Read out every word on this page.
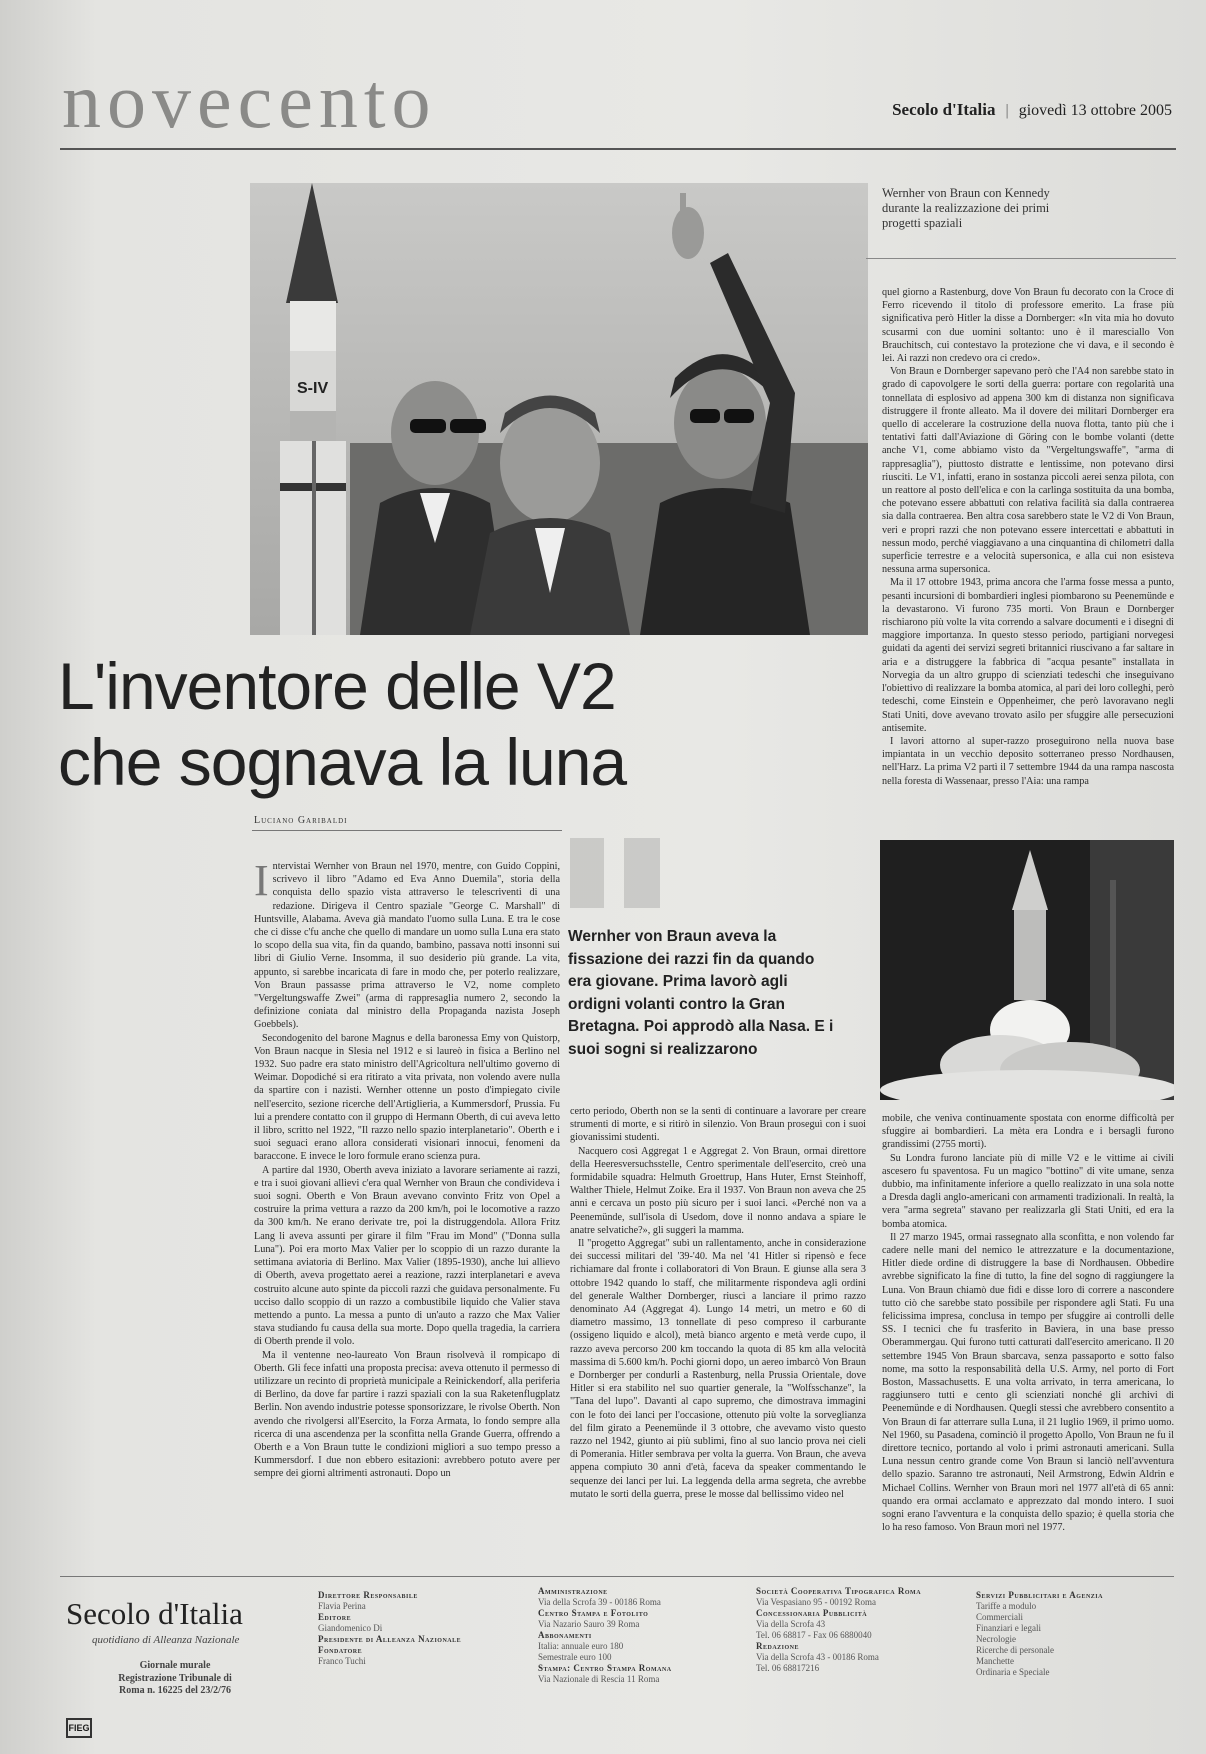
novecento	Secolo d'Italia | giovedì 13 ottobre 2005
S-IV
Wernher von Braun con Kennedy durante la realizzazione dei primi progetti spaziali
L'inventore delle V2
che sognava la luna
Luciano Garibaldi
I ntervistai Wernher von Braun nel 1970, mentre, con Guido Coppini, scrivevo il libro "Adamo ed Eva Anno Duemila", storia della conquista dello spazio vista attraverso le telescriventi di una redazione. Dirigeva il Centro spaziale "George C. Marshall" di Huntsville, Alabama. Aveva già mandato l'uomo sulla Luna. E tra le cose che ci disse c'fu anche che quello di mandare un uomo sulla Luna era stato lo scopo della sua vita, fin da quando, bambino, passava notti insonni sui libri di Giulio Verne. Insomma, il suo desiderio più grande. La vita, appunto, si sarebbe incaricata di fare in modo che, per poterlo realizzare, Von Braun passasse prima attraverso le V2, nome completo "Vergeltungswaffe Zwei" (arma di rappresaglia numero 2, secondo la definizione coniata dal ministro della Propaganda nazista Joseph Goebbels).

Secondogenito del barone Magnus e della baronessa Emy von Quistorp, Von Braun nacque in Slesia nel 1912 e si laureò in fisica a Berlino nel 1932. Suo padre era stato ministro dell'Agricoltura nell'ultimo governo di Weimar. Dopodiché si era ritirato a vita privata, non volendo avere nulla da spartire con i nazisti. Wernher ottenne un posto d'impiegato civile nell'esercito, sezione ricerche dell'Artiglieria, a Kummersdorf, Prussia. Fu lui a prendere contatto con il gruppo di Hermann Oberth, di cui aveva letto il libro, scritto nel 1922, "Il razzo nello spazio interplanetario". Oberth e i suoi seguaci erano allora considerati visionari innocui, fenomeni da baraccone. E invece le loro formule erano scienza pura.

A partire dal 1930, Oberth aveva iniziato a lavorare seriamente ai razzi, e tra i suoi giovani allievi c'era qual Wernher von Braun che condivideva i suoi sogni. Oberth e Von Braun avevano convinto Fritz von Opel a costruire la prima vettura a razzo da 200 km/h, poi le locomotive a razzo da 300 km/h. Ne erano derivate tre, poi la distruggendola. Allora Fritz Lang li aveva assunti per girare il film "Frau im Mond" ("Donna sulla Luna"). Poi era morto Max Valier per lo scoppio di un razzo durante la settimana aviatoria di Berlino. Max Valier (1895-1930), anche lui allievo di Oberth, aveva progettato aerei a reazione, razzi interplanetari e aveva costruito alcune auto spinte da piccoli razzi che guidava personalmente. Fu ucciso dallo scoppio di un razzo a combustibile liquido che Valier stava mettendo a punto. La messa a punto di un'auto a razzo che Max Valier stava studiando fu causa della sua morte. Dopo quella tragedia, la carriera di Oberth prende il volo.

Ma il ventenne neo-laureato Von Braun risolvevà il rompicapo di Oberth. Gli fece infatti una proposta precisa: aveva ottenuto il permesso di utilizzare un recinto di proprietà municipale a Reinickendorf, alla periferia di Berlino, da dove far partire i razzi spaziali con la sua Raketenflugplatz Berlin. Non avendo industrie potesse sponsorizzare, le rivolse Oberth. Non avendo che rivolgersi all'Esercito, la Forza Armata, lo fondo sempre alla ricerca di una ascendenza per la sconfitta nella Grande Guerra, offrendo a Oberth e a Von Braun tutte le condizioni migliori a suo tempo presso a Kummersdorf. I due non ebbero esitazioni: avrebbero potuto avere per sempre dei giorni altrimenti astronauti. Dopo un

Wernher von Braun aveva la fissazione dei razzi fin da quando era giovane. Prima lavorò agli ordigni volanti contro la Gran Bretagna. Poi approdò alla Nasa. E i suoi sogni si realizzarono

certo periodo, Oberth non se la sentì di continuare a lavorare per creare strumenti di morte, e si ritirò in silenzio. Von Braun proseguì con i suoi giovanissimi studenti.

Nacquero così Aggregat 1 e Aggregat 2. Von Braun, ormai direttore della Heeresversuchsstelle, Centro sperimentale dell'esercito, creò una formidabile squadra: Helmuth Groettrup, Hans Huter, Ernst Steinhoff, Walther Thiele, Helmut Zoike. Era il 1937. Von Braun non aveva che 25 anni e cercava un posto più sicuro per i suoi lanci. «Perché non va a Peenemünde, sull'isola di Usedom, dove il nonno andava a spiare le anatre selvatiche?», gli suggerì la mamma.

Il "progetto Aggregat" subì un rallentamento, anche in considerazione dei successi militari del '39-'40. Ma nel '41 Hitler si ripensò e fece richiamare dal fronte i collaboratori di Von Braun. E giunse alla sera 3 ottobre 1942 quando lo staff, che militarmente rispondeva agli ordini del generale Walther Dornberger, riuscì a lanciare il primo razzo denominato A4 (Aggregat 4). Lungo 14 metri, un metro e 60 di diametro massimo, 13 tonnellate di peso compreso il carburante (ossigeno liquido e alcol), metà bianco argento e metà verde cupo, il razzo aveva percorso 200 km toccando la quota di 85 km alla velocità massima di 5.600 km/h. Pochi giorni dopo, un aereo imbarcò Von Braun e Dornberger per condurli a Rastenburg, nella Prussia Orientale, dove Hitler si era stabilito nel suo quartier generale, la "Wolfsschanze", la "Tana del lupo". Davanti al capo supremo, che dimostrava immagini con le foto dei lanci per l'occasione, ottenuto più volte la sorveglianza del film girato a Peenemünde il 3 ottobre, che avevamo visto questo razzo nel 1942, giunto ai più sublimi, fino al suo lancio prova nei cieli di Pomerania. Hitler sembrava per volta la guerra. Von Braun, che aveva appena compiuto 30 anni d'età, faceva da speaker commentando le sequenze dei lanci per lui. La leggenda della arma segreta, che avrebbe mutato le sorti della guerra, prese le mosse dal bellissimo video nel

quel giorno a Rastenburg, dove Von Braun fu decorato con la Croce di Ferro ricevendo il titolo di professore emerito. La frase più significativa però Hitler la disse a Dornberger: «In vita mia ho dovuto scusarmi con due uomini soltanto: uno è il maresciallo Von Brauchitsch, cui contestavo la protezione che vi dava, e il secondo è lei. Ai razzi non credevo ora ci credo».

Von Braun e Dornberger sapevano però che l'A4 non sarebbe stato in grado di capovolgere le sorti della guerra: portare con regolarità una tonnellata di esplosivo ad appena 300 km di distanza non significava distruggere il fronte alleato. Ma il dovere dei militari Dornberger era quello di accelerare la costruzione della nuova flotta, tanto più che i tentativi fatti dall'Aviazione di Göring con le bombe volanti (dette anche V1, come abbiamo visto da "Vergeltungswaffe", "arma di rappresaglia"), piuttosto distratte e lentissime, non potevano dirsi riusciti. Le V1, infatti, erano in sostanza piccoli aerei senza pilota, con un reattore al posto dell'elica e con la carlinga sostituita da una bomba, che potevano essere abbattuti con relativa facilità sia dalla contraerea sia dalla contraerea. Ben altra cosa sarebbero state le V2 di Von Braun, veri e propri razzi che non potevano essere intercettati e abbattuti in nessun modo, perché viaggiavano a una cinquantina di chilometri dalla superficie terrestre e a velocità supersonica, e alla cui non esisteva nessuna arma supersonica.

Ma il 17 ottobre 1943, prima ancora che l'arma fosse messa a punto, pesanti incursioni di bombardieri inglesi piombarono su Peenemünde e la devastarono. Vi furono 735 morti. Von Braun e Dornberger rischiarono più volte la vita correndo a salvare documenti e i disegni di maggiore importanza. In questo stesso periodo, partigiani norvegesi guidati da agenti dei servizi segreti britannici riuscivano a far saltare in aria e a distruggere la fabbrica di "acqua pesante" installata in Norvegia da un altro gruppo di scienziati tedeschi che inseguivano l'obiettivo di realizzare la bomba atomica, al pari dei loro colleghi, però tedeschi, come Einstein e Oppenheimer, che però lavoravano negli Stati Uniti, dove avevano trovato asilo per sfuggire alle persecuzioni antisemite.

I lavori attorno al super-razzo proseguirono nella nuova base impiantata in un vecchio deposito sotterraneo presso Nordhausen, nell'Harz. La prima V2 partì il 7 settembre 1944 da una rampa nascosta nella foresta di Wassenaar, presso l'Aia: una rampa

mobile, che veniva continuamente spostata con enorme difficoltà per sfuggire ai bombardieri. La mèta era Londra e i bersagli furono grandissimi (2755 morti).

Su Londra furono lanciate più di mille V2 e le vittime ai civili ascesero fu spaventosa. Fu un magico "bottino" di vite umane, senza dubbio, ma infinitamente inferiore a quello realizzato in una sola notte a Dresda dagli anglo-americani con armamenti tradizionali. In realtà, la vera "arma segreta" stavano per realizzarla gli Stati Uniti, ed era la bomba atomica.

Il 27 marzo 1945, ormai rassegnato alla sconfitta, e non volendo far cadere nelle mani del nemico le attrezzature e la documentazione, Hitler diede ordine di distruggere la base di Nordhausen. Obbedire avrebbe significato la fine di tutto, la fine del sogno di raggiungere la Luna. Von Braun chiamò due fidi e disse loro di correre a nascondere tutto ciò che sarebbe stato possibile per rispondere agli Stati. Fu una felicissima impresa, conclusa in tempo per sfuggire ai controlli delle SS. I tecnici che fu trasferito in Baviera, in una base presso Oberammergau. Qui furono tutti catturati dall'esercito americano. Il 20 settembre 1945 Von Braun sbarcava, senza passaporto e sotto falso nome, ma sotto la responsabilità della U.S. Army, nel porto di Fort Boston, Massachusetts. E una volta arrivato, in terra americana, lo raggiunsero tutti e cento gli scienziati nonché gli archivi di Peenemünde e di Nordhausen. Quegli stessi che avrebbero consentito a Von Braun di far atterrare sulla Luna, il 21 luglio 1969, il primo uomo. Nel 1960, su Pasadena, cominciò il progetto Apollo, Von Braun ne fu il direttore tecnico, portando al volo i primi astronauti americani. Sulla Luna nessun centro grande come Von Braun si lanciò nell'avventura dello spazio. Saranno tre astronauti, Neil Armstrong, Edwin Aldrin e Michael Collins. Wernher von Braun morì nel 1977 all'età di 65 anni: quando era ormai acclamato e apprezzato dal mondo intero. I suoi sogni erano l'avventura e la conquista dello spazio; è quella storia che lo ha reso famoso. Von Braun morì nel 1977.

Secolo d'Italia
quotidiano di Alleanza Nazionale
Giornale murale Registrazione Tribunale di Roma n. 16225 del 23/2/76
FIEG
Direttore Responsabile
Flavia Perina
Editore
Giandomenico Di
Presidente di Alleanza Nazionale
Fondatore
Franco Tuchi
Amministrazione
Via della Scrofa 39 - 00186 Roma
Centro Stampa e Fotolito
Via Nazario Sauro 39 Roma
Abbonamenti
Italia: annuale euro 180
Semestrale euro 100
Stampa: Centro Stampa Romana
Via Nazionale di Rescia 11 Roma
Società Cooperativa Tipografica Roma
Via Vespasiano 95 - 00192 Roma
Concessionaria Pubblicità
Via della Scrofa 43
Tel. 06 68817 - Fax 06 6880040
Redazione
Via della Scrofa 43 - 00186 Roma
Tel. 06 68817216
Servizi Pubblicitari e Agenzia
Tariffe a modulo
Commerciali
Finanziari e legali
Necrologie
Ricerche di personale
Manchette
Ordinaria e Speciale
